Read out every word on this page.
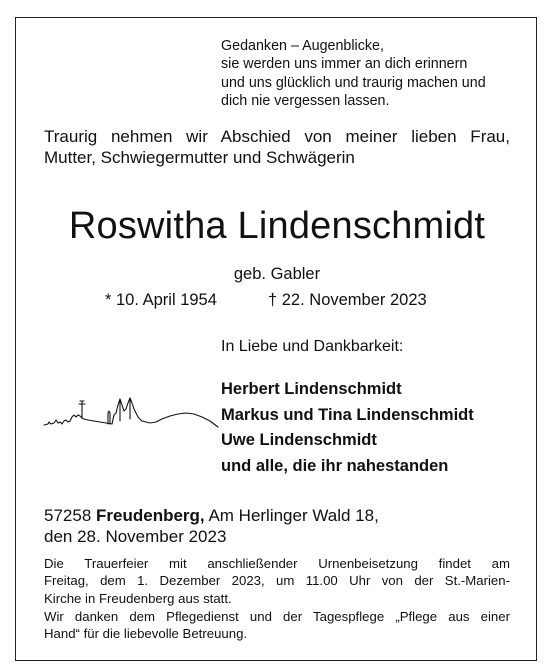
Gedanken – Augenblicke,
sie werden uns immer an dich erinnern
und uns glücklich und traurig machen und
dich nie vergessen lassen.
Traurig nehmen wir Abschied von meiner lieben Frau,
Mutter, Schwiegermutter und Schwägerin
Roswitha Lindenschmidt
geb. Gabler
* 10. April 1954	† 22. November 2023
In Liebe und Dankbarkeit:
Herbert Lindenschmidt
Markus und Tina Lindenschmidt
Uwe Lindenschmidt
und alle, die ihr nahestanden
57258 Freudenberg, Am Herlinger Wald 18,
den 28. November 2023
Die Trauerfeier mit anschließender Urnenbeisetzung findet am
Freitag, dem 1. Dezember 2023, um 11.00 Uhr von der St.-Marien-
Kirche in Freudenberg aus statt.
Wir danken dem Pflegedienst und der Tagespflege „Pflege aus einer
Hand“ für die liebevolle Betreuung.
